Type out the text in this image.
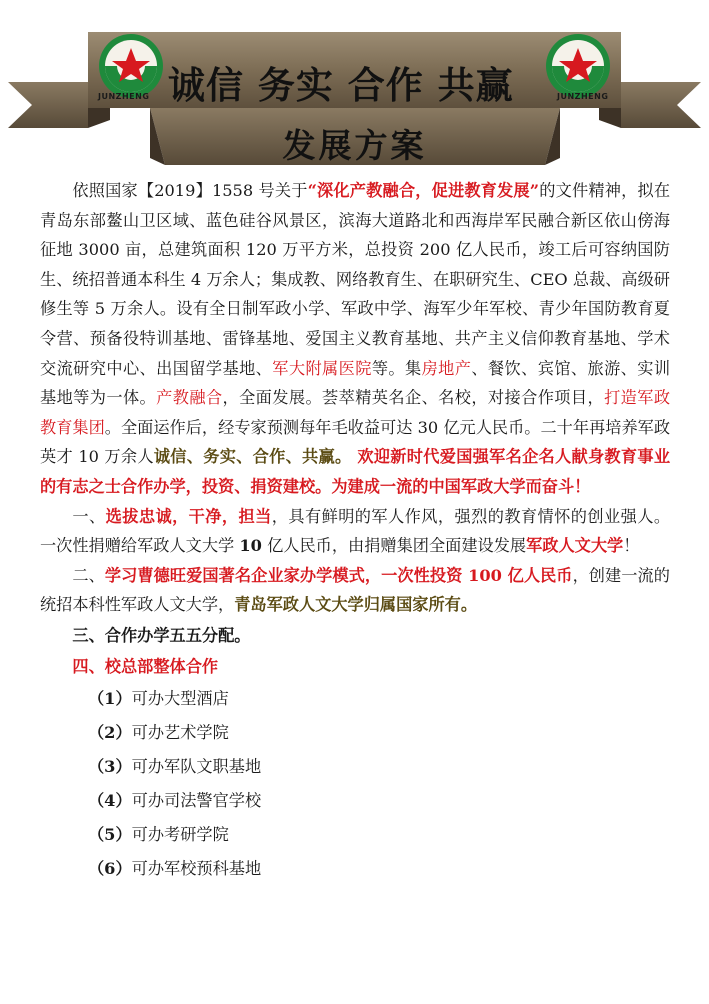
JUNZHENG	JUNZHENG
诚信 务实 合作 共赢
发展方案

依照国家【2019】1558 号关于“深化产教融合，促进教育发展”的文件精神，拟在青岛东部鳌山卫区域、蓝色硅谷风景区，滨海大道路北和西海岸军民融合新区依山傍海征地 3000 亩，总建筑面积 120 万平方米，总投资 200 亿人民币，竣工后可容纳国防生、统招普通本科生 4 万余人；集成教、网络教育生、在职研究生、CEO 总裁、高级研修生等 5 万余人。设有全日制军政小学、军政中学、海军少年军校、青少年国防教育夏令营、预备役特训基地、雷锋基地、爱国主义教育基地、共产主义信仰教育基地、学术交流研究中心、出国留学基地、军大附属医院等。集房地产、餐饮、宾馆、旅游、实训基地等为一体。产教融合，全面发展。荟萃精英名企、名校，对接合作项目，打造军政教育集团。全面运作后，经专家预测每年毛收益可达 30 亿元人民币。二十年再培养军政英才 10 万余人诚信、务实、合作、共赢。 欢迎新时代爱国强军名企名人献身教育事业的有志之士合作办学，投资、捐资建校。为建成一流的中国军政大学而奋斗！

一、选拔忠诚，干净，担当，具有鲜明的军人作风，强烈的教育情怀的创业强人。一次性捐赠给军政人文大学 10 亿人民币，由捐赠集团全面建设发展军政人文大学！

二、学习曹德旺爱国著名企业家办学模式，一次性投资 100 亿人民币，创建一流的统招本科性军政人文大学，青岛军政人文大学归属国家所有。

三、合作办学五五分配。

四、校总部整体合作

（1）可办大型酒店
（2）可办艺术学院
（3）可办军队文职基地
（4）可办司法警官学校
（5）可办考研学院
（6）可办军校预科基地
